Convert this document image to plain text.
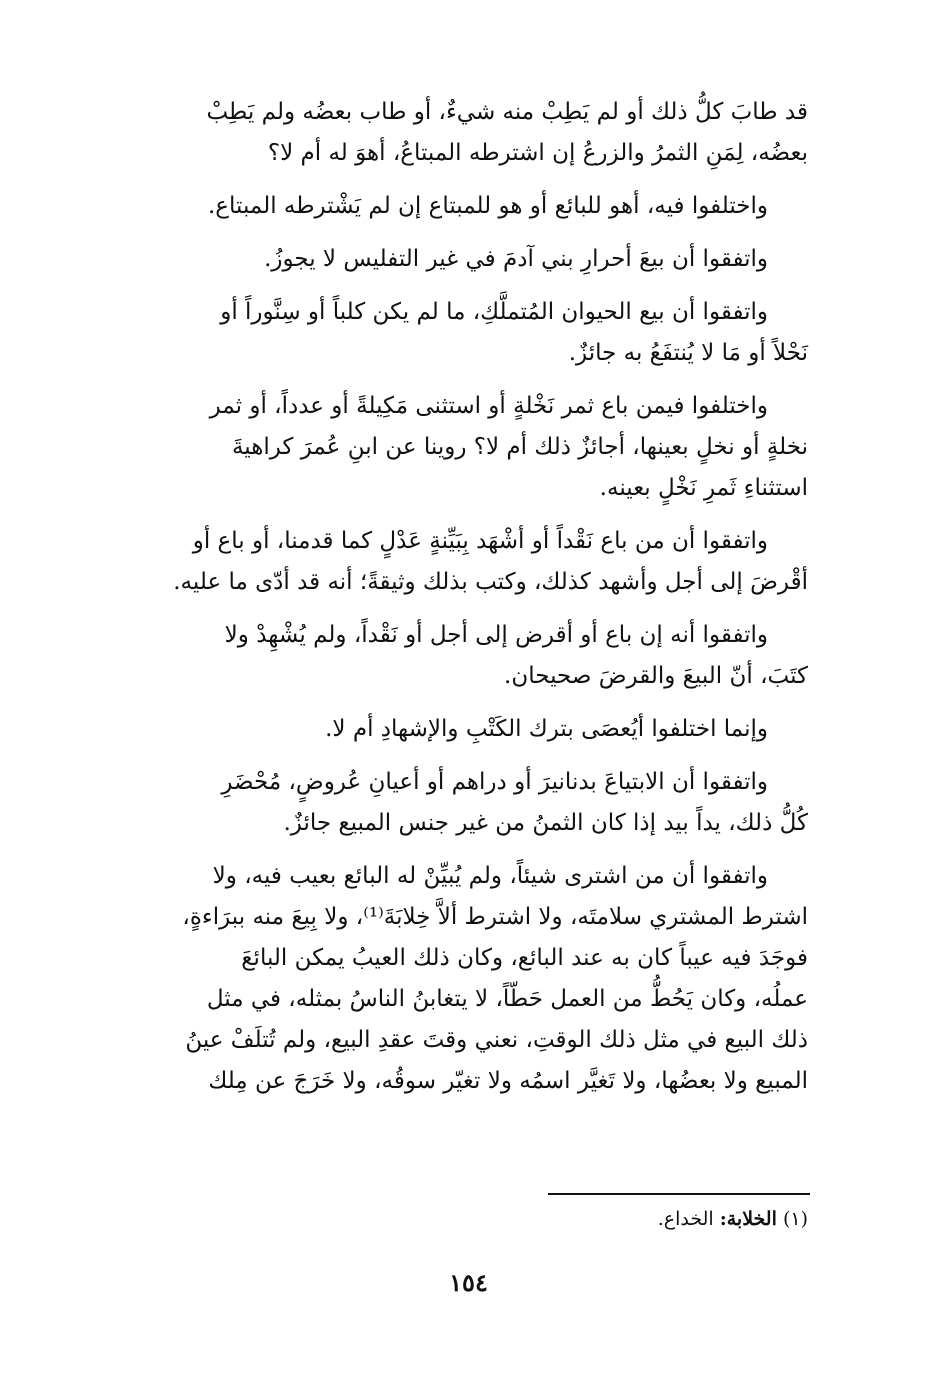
قد طابَ كلُّ ذلك أو لم يَطِبْ منه شيءٌ، أو طاب بعضُه ولم يَطِبْ
بعضُه، لِمَنِ الثمرُ والزرعُ إن اشترطه المبتاعُ، أهوَ له أم لا؟

واختلفوا فيه، أهو للبائع أو هو للمبتاع إن لم يَشْترطه المبتاع.

واتفقوا أن بيعَ أحرارِ بني آدمَ في غير التفليس لا يجوزُ.

واتفقوا أن بيع الحيوان المُتملَّكِ، ما لم يكن كلباً أو سِنَّوراً أو
نَحْلاً أو مَا لا يُنتفَعُ به جائزٌ.

واختلفوا فيمن باع ثمر نَخْلةٍ أو استثنى مَكِيلةً أو عدداً، أو ثمر
نخلةٍ أو نخلٍ بعينها، أجائزٌ ذلك أم لا؟ روينا عن ابنِ عُمرَ كراهيةَ
استثناءِ ثَمرِ نَخْلٍ بعينه.

واتفقوا أن من باع نَقْداً أو أشْهَد بِبَيِّنةٍ عَدْلٍ كما قدمنا، أو باع أو
أقْرضَ إلى أجل وأشهد كذلك، وكتب بذلك وثيقةً؛ أنه قد أدّى ما عليه.

واتفقوا أنه إن باع أو أقرض إلى أجل أو نَقْداً، ولم يُشْهِدْ ولا
كتَبَ، أنّ البيعَ والقرضَ صحيحان.

وإنما اختلفوا أيُعصَى بترك الكَتْبِ والإشهادِ أم لا.

واتفقوا أن الابتياعَ بدنانيرَ أو دراهم أو أعيانِ عُروضٍ، مُحْضَرِ
كُلُّ ذلك، يداً بيد إذا كان الثمنُ من غير جنس المبيع جائزٌ.

واتفقوا أن من اشترى شيئاً، ولم يُبيِّنْ له البائع بعيب فيه، ولا
اشترط المشتري سلامتَه، ولا اشترط ألاَّ خِلابَةَ⁽¹⁾، ولا بِيعَ منه ببرَاءةٍ،
فوجَدَ فيه عيباً كان به عند البائع، وكان ذلك العيبُ يمكن البائعَ
عملُه، وكان يَحُطُّ من العمل حَطّاً، لا يتغابنُ الناسُ بمثله، في مثل
ذلك البيع في مثل ذلك الوقتِ، نعني وقتَ عقدِ البيع، ولم تُتلَفْ عينُ
المبيع ولا بعضُها، ولا تَغيَّر اسمُه ولا تغيّر سوقُه، ولا خَرَجَ عن مِلك

(١) الخلابة: الخداع.
١٥٤
